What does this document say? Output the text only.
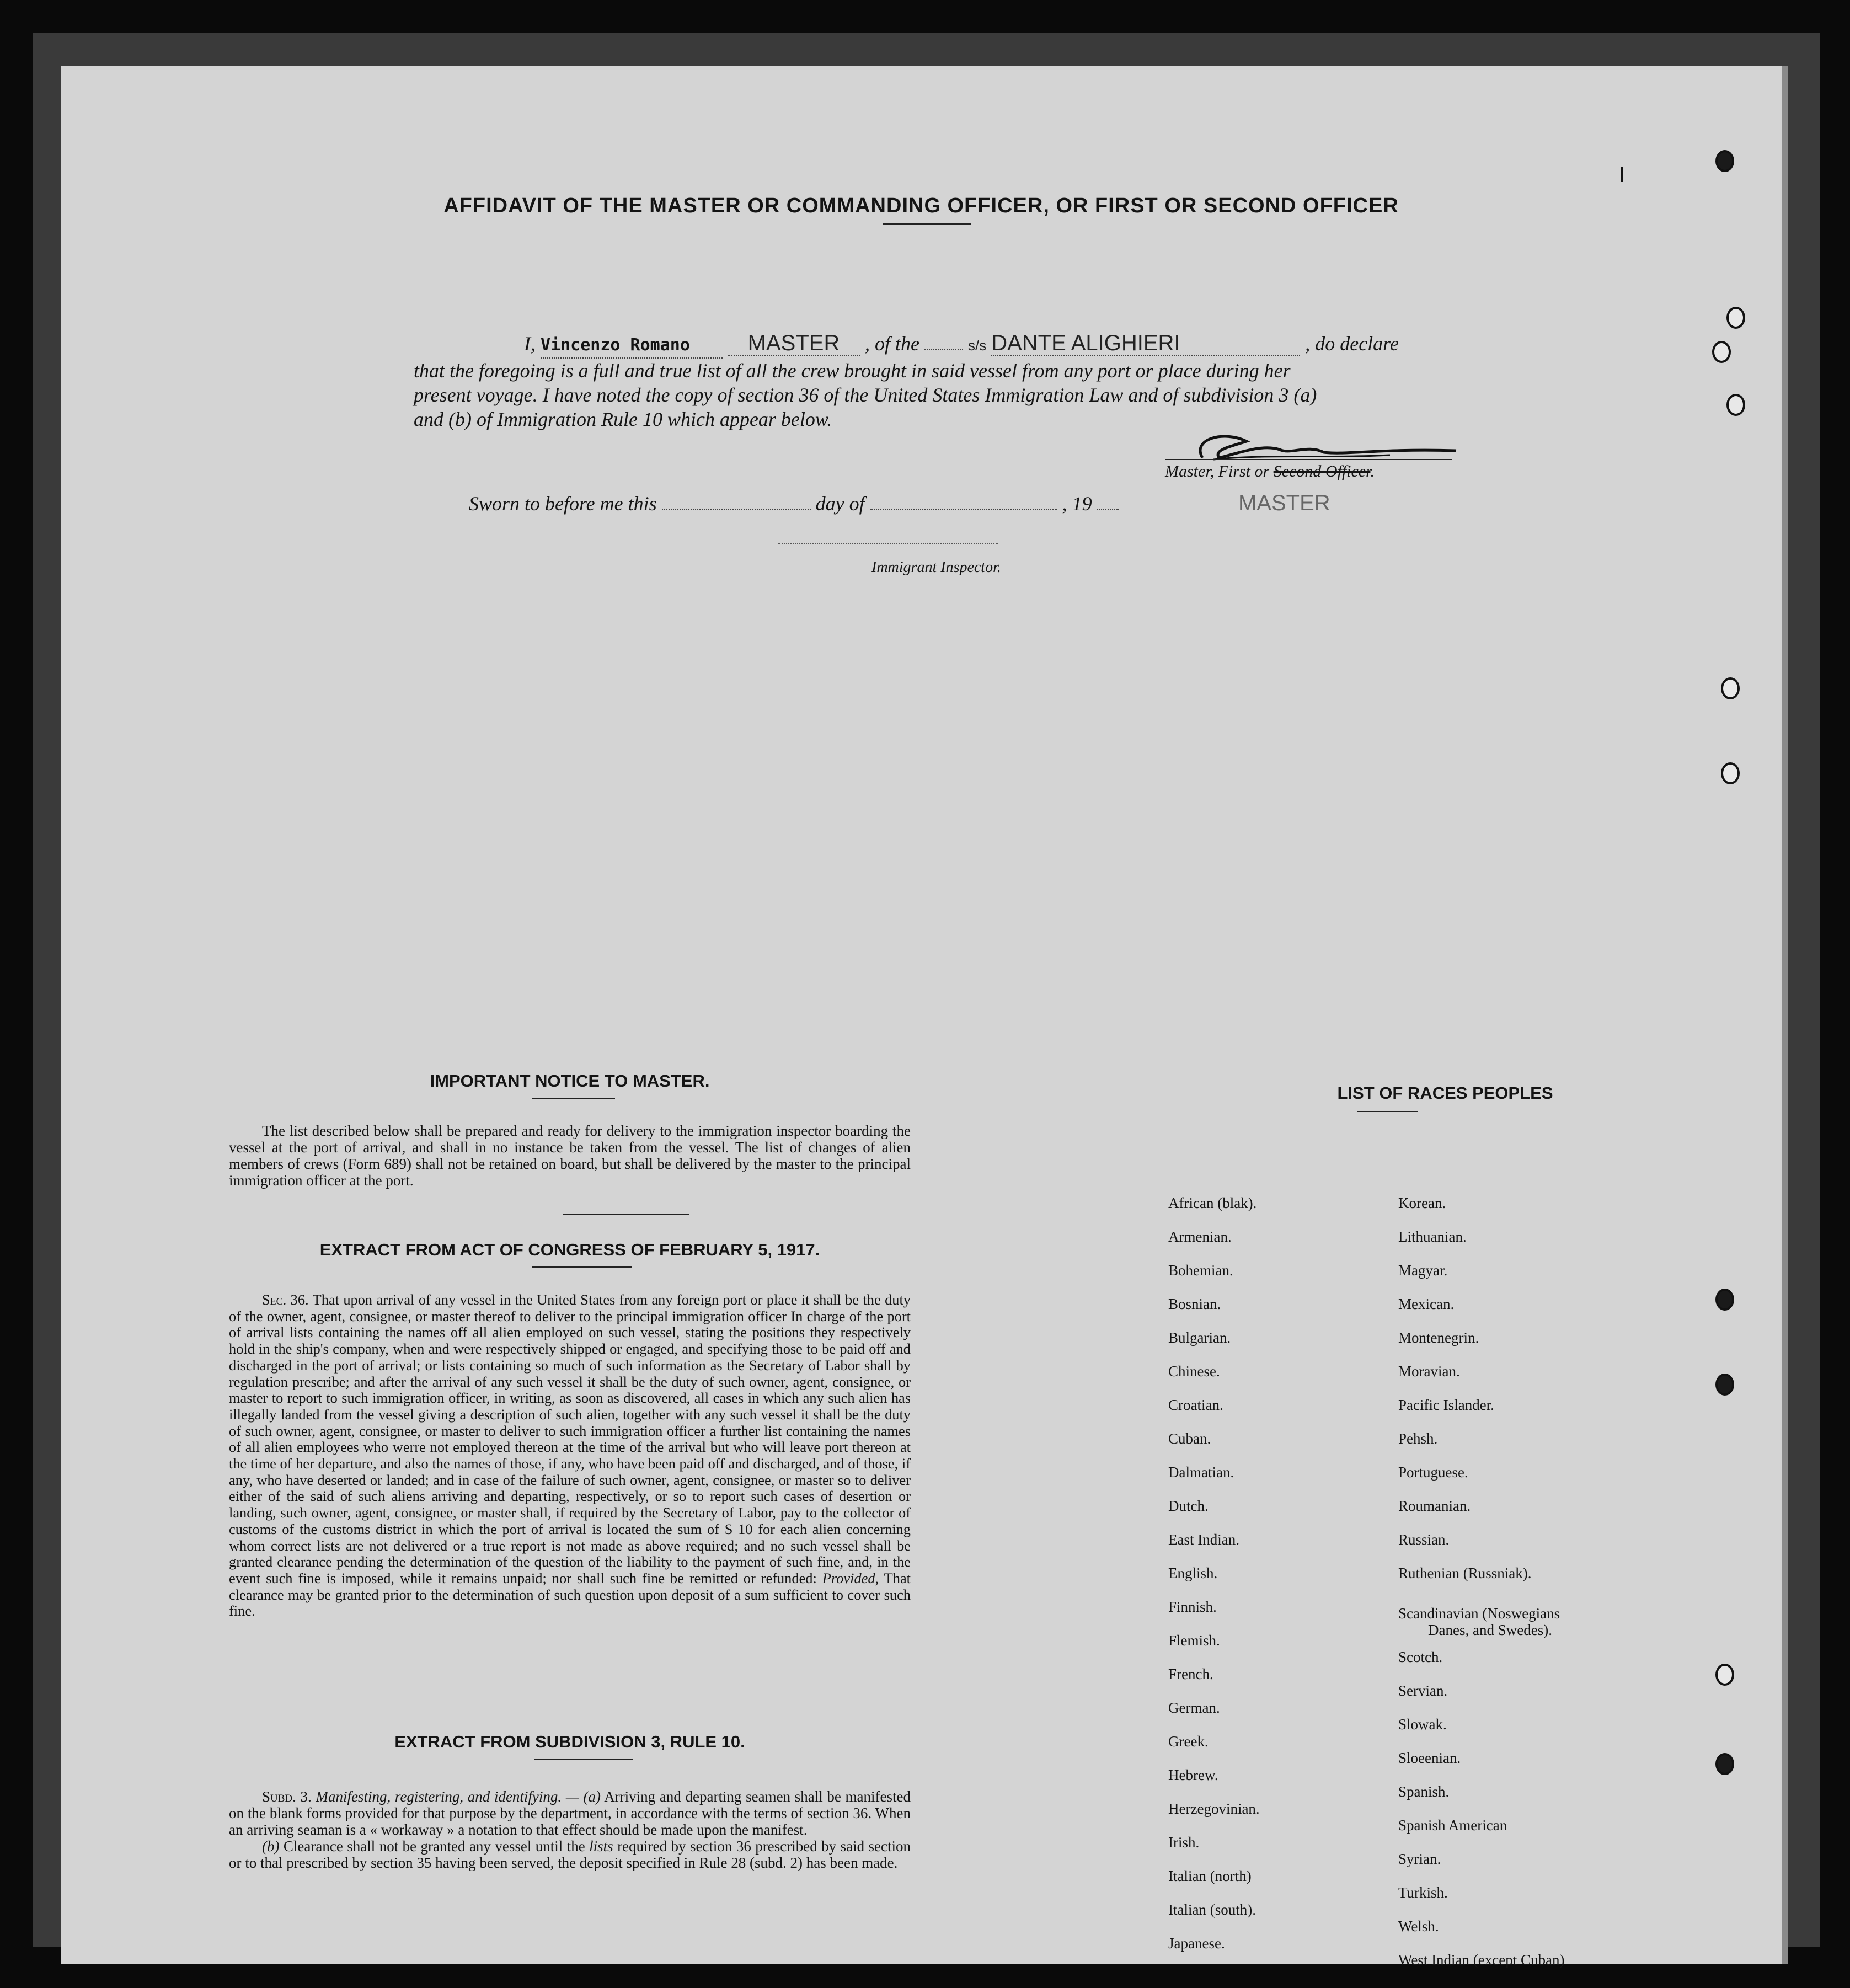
AFFIDAVIT OF THE MASTER OR COMMANDING OFFICER, OR FIRST OR SECOND OFFICER
I, Vincenzo Romano	MASTER , of the	s/s DANTE ALIGHIERI	, do declare
that the foregoing is a full and true list of all the crew brought in said vessel from any port or place during her
present voyage. I have noted the copy of section 36 of the United States Immigration Law and of subdivision 3 (a)
and (b) of Immigration Rule 10 which appear below.
Master, First or Second Officer.
Sworn to before me this	day of	, 19	MASTER
Immigrant Inspector.
IMPORTANT NOTICE TO MASTER.

The list described below shall be prepared and ready for delivery to the immigration inspector boarding the vessel at the port of arrival, and shall in no instance be taken from the vessel. The list of changes of alien members of crews (Form 689) shall not be retained on board, but shall be delivered by the master to the principal immigration officer at the port.

EXTRACT FROM ACT OF CONGRESS OF FEBRUARY 5, 1917.

Sec. 36. That upon arrival of any vessel in the United States from any foreign port or place it shall be the duty of the owner, agent, consignee, or master thereof to deliver to the principal immigration officer In charge of the port of arrival lists containing the names off all alien employed on such vessel, stating the positions they respectively hold in the ship's company, when and were respectively shipped or engaged, and specifying those to be paid off and discharged in the port of arrival; or lists containing so much of such information as the Secretary of Labor shall by regulation prescribe; and after the arrival of any such vessel it shall be the duty of such owner, agent, consignee, or master to report to such immigration officer, in writing, as soon as discovered, all cases in which any such alien has illegally landed from the vessel giving a description of such alien, together with any such vessel it shall be the duty of such owner, agent, consignee, or master to deliver to such immigration officer a further list containing the names of all alien employees who werre not employed thereon at the time of the arrival but who will leave port thereon at the time of her departure, and also the names of those, if any, who have been paid off and discharged, and of those, if any, who have deserted or landed; and in case of the failure of such owner, agent, consignee, or master so to deliver either of the said of such aliens arriving and departing, respectively, or so to report such cases of desertion or landing, such owner, agent, consignee, or master shall, if required by the Secretary of Labor, pay to the collector of customs of the customs district in which the port of arrival is located the sum of S 10 for each alien concerning whom correct lists are not delivered or a true report is not made as above required; and no such vessel shall be granted clearance pending the determination of the question of the liability to the payment of such fine, and, in the event such fine is imposed, while it remains unpaid; nor shall such fine be remitted or refunded: Provided, That clearance may be granted prior to the determination of such question upon deposit of a sum sufficient to cover such fine.

EXTRACT FROM SUBDIVISION 3, RULE 10.

Subd. 3. Manifesting, registering, and identifying. — (a) Arriving and departing seamen shall be manifested on the blank forms provided for that purpose by the department, in accordance with the terms of section 36. When an arriving seaman is a « workaway » a notation to that effect should be made upon the manifest.

(b) Clearance shall not be granted any vessel until the lists required by section 36 prescribed by said section or to thal prescribed by section 35 having been served, the deposit specified in Rule 28 (subd. 2) has been made.

LIST OF RACES PEOPLES
African (blak).
Armenian.
Bohemian.
Bosnian.
Bulgarian.
Chinese.
Croatian.
Cuban.
Dalmatian.
Dutch.
East Indian.
English.
Finnish.
Flemish.
French.
German.
Greek.
Hebrew.
Herzegovinian.
Irish.
Italian (north)
Italian (south).
Japanese.
Korean.
Lithuanian.
Magyar.
Mexican.
Montenegrin.
Moravian.
Pacific Islander.
Pehsh.
Portuguese.
Roumanian.
Russian.
Ruthenian (Russniak).
Scandinavian (Noswegians
Danes, and Swedes).
Scotch.
Servian.
Slowak.
Sloeenian.
Spanish.
Spanish American
Syrian.
Turkish.
Welsh.
West Indian (except Cuban)
